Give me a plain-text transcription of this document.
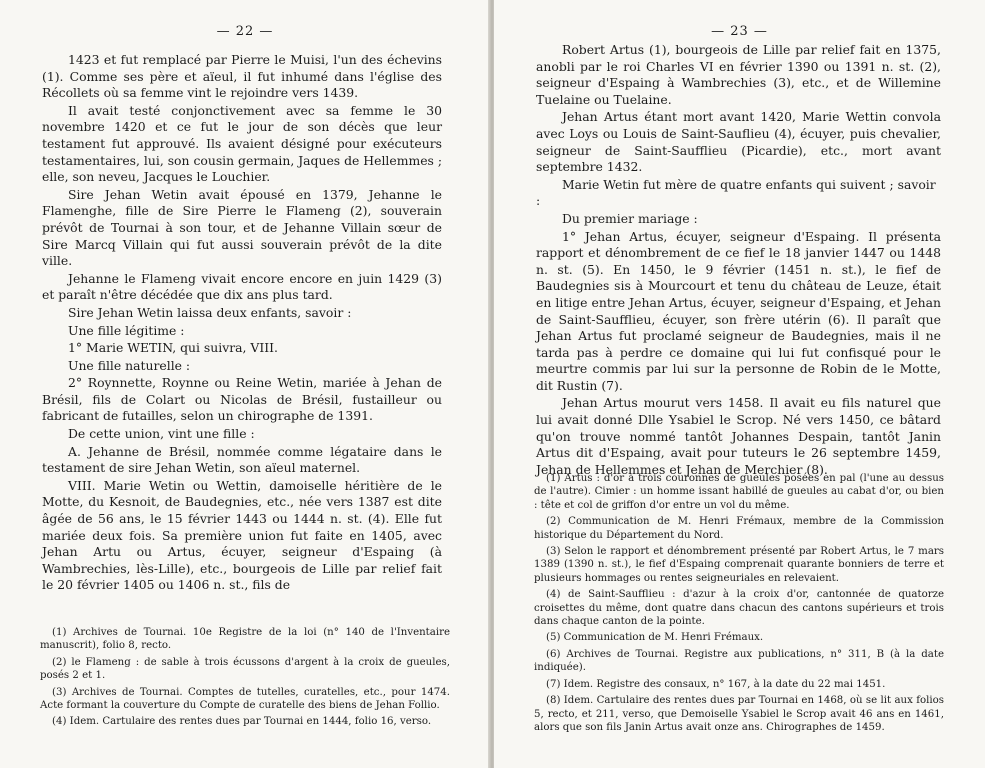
— 22 —

1423 et fut remplacé par Pierre le Muisi, l'un des échevins (1). Comme ses père et aïeul, il fut inhumé dans l'église des Récollets où sa femme vint le rejoindre vers 1439.

Il avait testé conjonctivement avec sa femme le 30 novembre 1420 et ce fut le jour de son décès que leur testament fut approuvé. Ils avaient désigné pour exécuteurs testamentaires, lui, son cousin germain, Jaques de Hellemmes ; elle, son neveu, Jacques le Louchier.

Sire Jehan Wetin avait épousé en 1379, Jehanne le Flamenghe, fille de Sire Pierre le Flameng (2), souverain prévôt de Tournai à son tour, et de Jehanne Villain sœur de Sire Marcq Villain qui fut aussi souverain prévôt de la dite ville.

Jehanne le Flameng vivait encore encore en juin 1429 (3) et paraît n'être décédée que dix ans plus tard.

Sire Jehan Wetin laissa deux enfants, savoir :

Une fille légitime :

1° Marie WETIN, qui suivra, VIII.

Une fille naturelle :

2° Roynnette, Roynne ou Reine Wetin, mariée à Jehan de Brésil, fils de Colart ou Nicolas de Brésil, fustailleur ou fabricant de futailles, selon un chirographe de 1391.

De cette union, vint une fille :

A. Jehanne de Brésil, nommée comme légataire dans le testament de sire Jehan Wetin, son aïeul maternel.

VIII. Marie Wetin ou Wettin, damoiselle héritière de le Motte, du Kesnoit, de Baudegnies, etc., née vers 1387 est dite âgée de 56 ans, le 15 février 1443 ou 1444 n. st. (4). Elle fut mariée deux fois. Sa première union fut faite en 1405, avec Jehan Artu ou Artus, écuyer, seigneur d'Espaing (à Wambrechies, lès-Lille), etc., bourgeois de Lille par relief fait le 20 février 1405 ou 1406 n. st., fils de

(1) Archives de Tournai. 10e Registre de la loi (n° 140 de l'Inventaire manuscrit), folio 8, recto.

(2) le Flameng : de sable à trois écussons d'argent à la croix de gueules, posés 2 et 1.

(3) Archives de Tournai. Comptes de tutelles, curatelles, etc., pour 1474. Acte formant la couverture du Compte de curatelle des biens de Jehan Follio.

(4) Idem. Cartulaire des rentes dues par Tournai en 1444, folio 16, verso.

— 23 —

Robert Artus (1), bourgeois de Lille par relief fait en 1375, anobli par le roi Charles VI en février 1390 ou 1391 n. st. (2), seigneur d'Espaing à Wambrechies (3), etc., et de Willemine Tuelaine ou Tuelaine.

Jehan Artus étant mort avant 1420, Marie Wettin convola avec Loys ou Louis de Saint-Sauflieu (4), écuyer, puis chevalier, seigneur de Saint-Saufflieu (Picardie), etc., mort avant septembre 1432.

Marie Wetin fut mère de quatre enfants qui suivent ; savoir :

Du premier mariage :

1° Jehan Artus, écuyer, seigneur d'Espaing. Il présenta rapport et dénombrement de ce fief le 18 janvier 1447 ou 1448 n. st. (5). En 1450, le 9 février (1451 n. st.), le fief de Baudegnies sis à Mourcourt et tenu du château de Leuze, était en litige entre Jehan Artus, écuyer, seigneur d'Espaing, et Jehan de Saint-Saufflieu, écuyer, son frère utérin (6). Il paraît que Jehan Artus fut proclamé seigneur de Baudegnies, mais il ne tarda pas à perdre ce domaine qui lui fut confisqué pour le meurtre commis par lui sur la personne de Robin de le Motte, dit Rustin (7).

Jehan Artus mourut vers 1458. Il avait eu fils naturel que lui avait donné Dlle Ysabiel le Scrop. Né vers 1450, ce bâtard qu'on trouve nommé tantôt Johannes Despain, tantôt Janin Artus dit d'Espaing, avait pour tuteurs le 26 septembre 1459, Jehan de Hellemmes et Jehan de Merchier (8).

(1) Artus : d'or à trois couronnes de gueules posées en pal (l'une au dessus de l'autre). Cimier : un homme issant habillé de gueules au cabat d'or, ou bien : tête et col de griffon d'or entre un vol du même.

(2) Communication de M. Henri Frémaux, membre de la Commission historique du Département du Nord.

(3) Selon le rapport et dénombrement présenté par Robert Artus, le 7 mars 1389 (1390 n. st.), le fief d'Espaing comprenait quarante bonniers de terre et plusieurs hommages ou rentes seigneuriales en relevaient.

(4) de Saint-Saufflieu : d'azur à la croix d'or, cantonnée de quatorze croisettes du même, dont quatre dans chacun des cantons supérieurs et trois dans chaque canton de la pointe.

(5) Communication de M. Henri Frémaux.

(6) Archives de Tournai. Registre aux publications, n° 311, B (à la date indiquée).

(7) Idem. Registre des consaux, n° 167, à la date du 22 mai 1451.

(8) Idem. Cartulaire des rentes dues par Tournai en 1468, où se lit aux folios 5, recto, et 211, verso, que Demoiselle Ysabiel le Scrop avait 46 ans en 1461, alors que son fils Janin Artus avait onze ans. Chirographes de 1459.
